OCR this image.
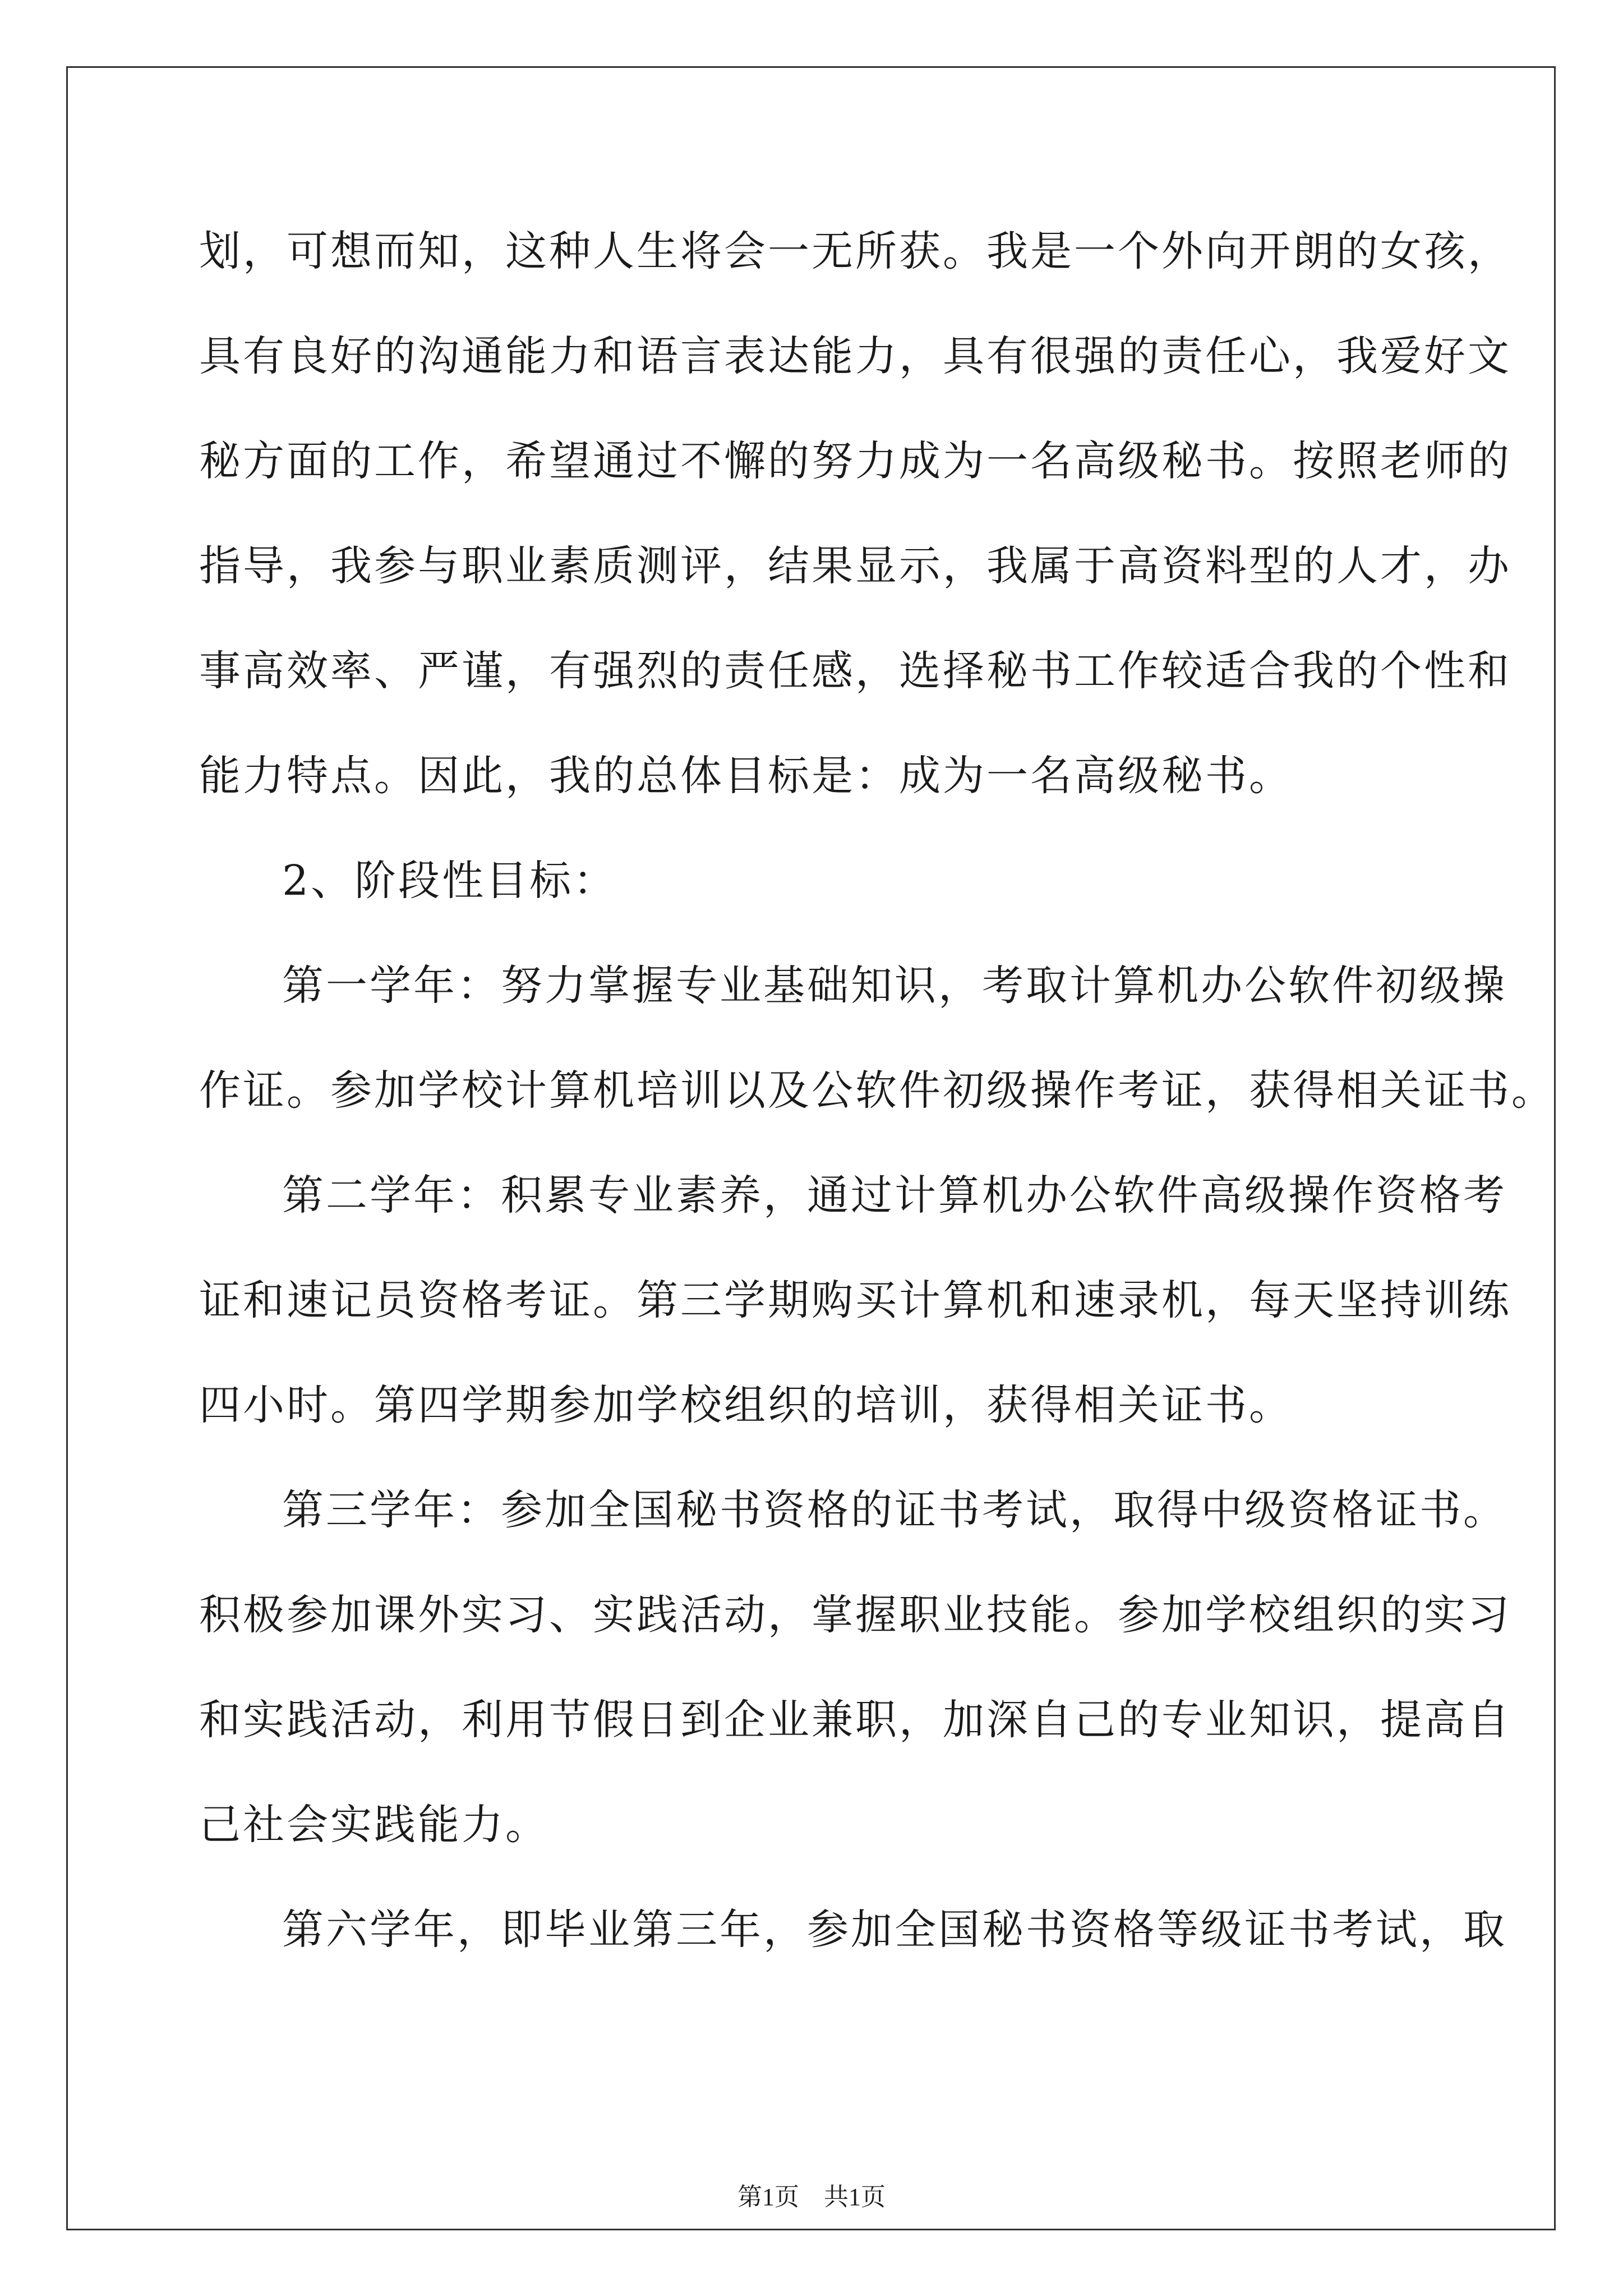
划，可想而知，这种人生将会一无所获。我是一个外向开朗的女孩，
具有良好的沟通能力和语言表达能力，具有很强的责任心，我爱好文
秘方面的工作，希望通过不懈的努力成为一名高级秘书。按照老师的
指导，我参与职业素质测评，结果显示，我属于高资料型的人才，办
事高效率、严谨，有强烈的责任感，选择秘书工作较适合我的个性和
能力特点。因此，我的总体目标是：成为一名高级秘书。
2、阶段性目标：
第一学年：努力掌握专业基础知识，考取计算机办公软件初级操
作证。参加学校计算机培训以及公软件初级操作考证，获得相关证书。
第二学年：积累专业素养，通过计算机办公软件高级操作资格考
证和速记员资格考证。第三学期购买计算机和速录机，每天坚持训练
四小时。第四学期参加学校组织的培训，获得相关证书。
第三学年：参加全国秘书资格的证书考试，取得中级资格证书。
积极参加课外实习、实践活动，掌握职业技能。参加学校组织的实习
和实践活动，利用节假日到企业兼职，加深自己的专业知识，提高自
己社会实践能力。
第六学年，即毕业第三年，参加全国秘书资格等级证书考试，取
第1页　共1页
